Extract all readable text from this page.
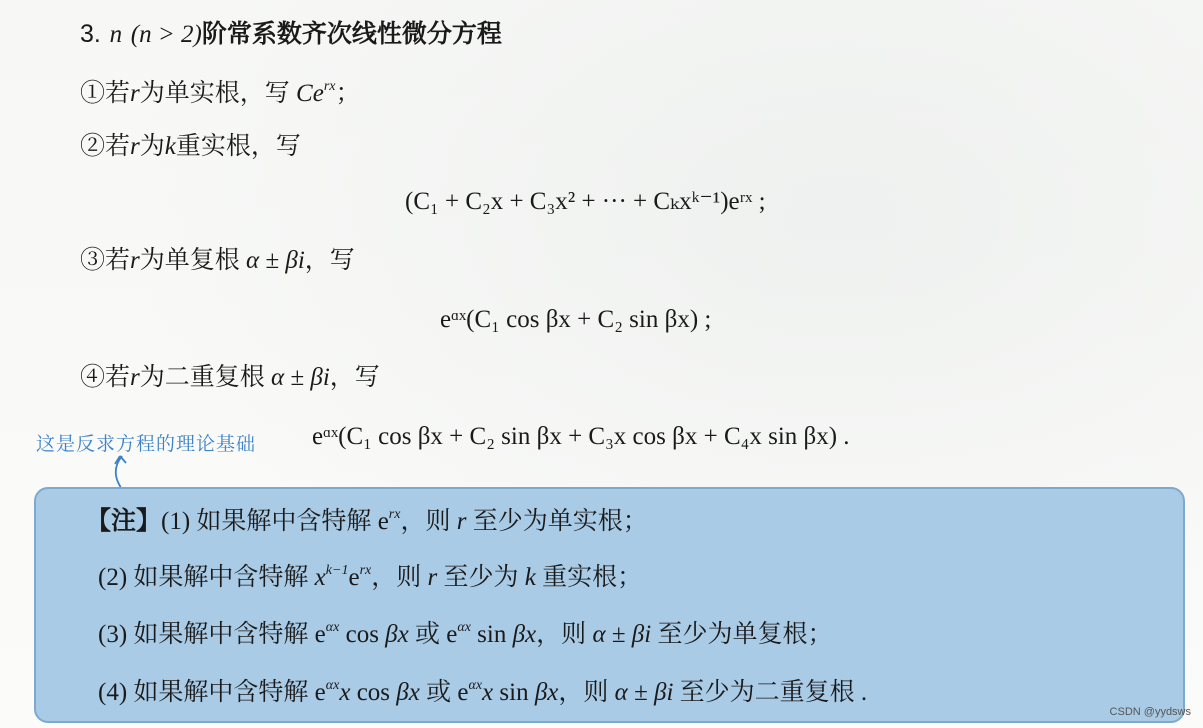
3. n (n > 2)阶常系数齐次线性微分方程
①若r为单实根，写 $Ce^{rx}$；
②若r为k重实根，写
(C₁ + C₂x + C₃x² + ··· + Cₖxᵏ⁻¹)eʳˣ ;
③若r为单复根 α ± βi，写
eᵅˣ(C₁ cos βx + C₂ sin βx) ;
④若r为二重复根 α ± βi，写
eᵅˣ(C₁ cos βx + C₂ sin βx + C₃x cos βx + C₄x sin βx) .
这是反求方程的理论基础
【注】(1) 如果解中含特解 $e^{rx}$，则 r 至少为单实根；
(2) 如果解中含特解 $x^{k-1}e^{rx}$，则 r 至少为 k 重实根；
(3) 如果解中含特解 $e^{\alpha x}$ cos βx 或 $e^{\alpha x}$ sin βx，则 α ± βi 至少为单复根；
(4) 如果解中含特解 $e^{\alpha x}x$ cos βx 或 $e^{\alpha x}x$ sin βx，则 α ± βi 至少为二重复根 .
CSDN @yydsws
